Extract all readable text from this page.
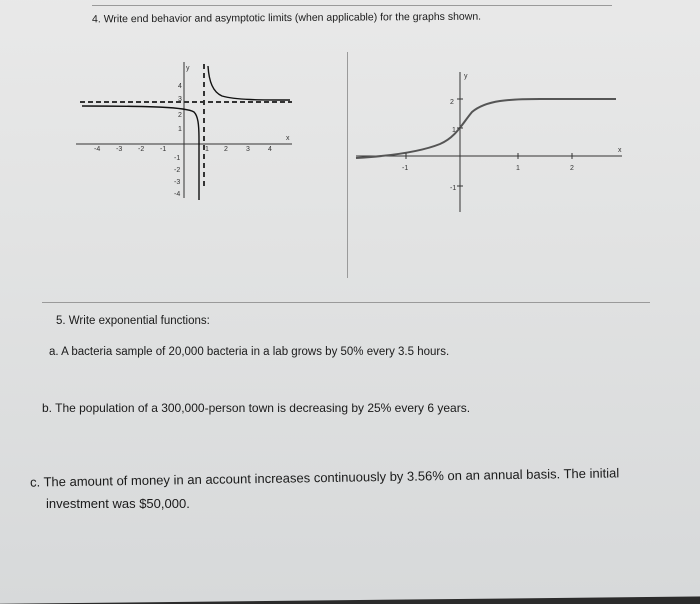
4. Write end behavior and asymptotic limits (when applicable) for the graphs shown.
-4 -3 -2 -1	1 2	3	4
x
4
3
2
1
-1
-2
-3
-4
y
-1	1	2
x
2
1
-1
y
5. Write exponential functions:
a. A bacteria sample of 20,000 bacteria in a lab grows by 50% every 3.5 hours.
b. The population of a 300,000-person town is decreasing by 25% every 6 years.
c. The amount of money in an account increases continuously by 3.56% on an annual basis. The initial
investment was $50,000.
